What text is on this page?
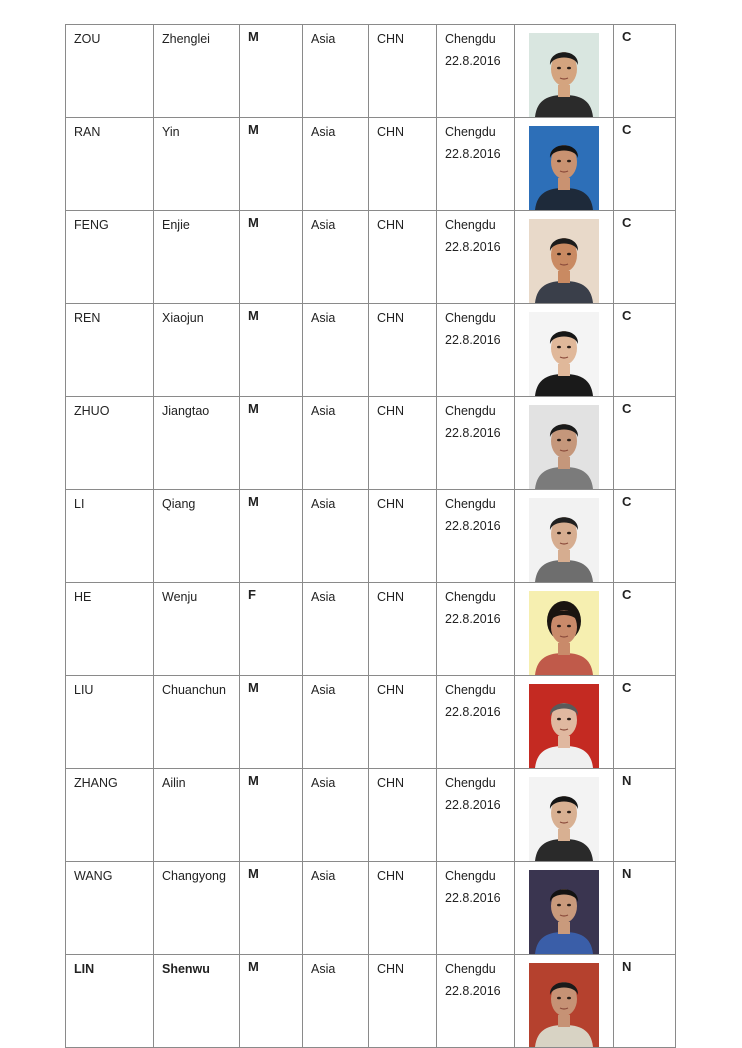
ZOU	Zhenglei	M	Asia	CHN	Chengdu
22.8.2016		C

RAN	Yin	M	Asia	CHN	Chengdu
22.8.2016		C

FENG	Enjie	M	Asia	CHN	Chengdu
22.8.2016		C

REN	Xiaojun	M	Asia	CHN	Chengdu
22.8.2016		C

ZHUO	Jiangtao	M	Asia	CHN	Chengdu
22.8.2016		C

LI	Qiang	M	Asia	CHN	Chengdu
22.8.2016		C

HE	Wenju	F	Asia	CHN	Chengdu
22.8.2016		C

LIU	Chuanchun	M	Asia	CHN	Chengdu
22.8.2016		C

ZHANG	Ailin	M	Asia	CHN	Chengdu
22.8.2016		N

WANG	Changyong	M	Asia	CHN	Chengdu
22.8.2016		N

LIN	Shenwu	M	Asia	CHN	Chengdu
22.8.2016		N
